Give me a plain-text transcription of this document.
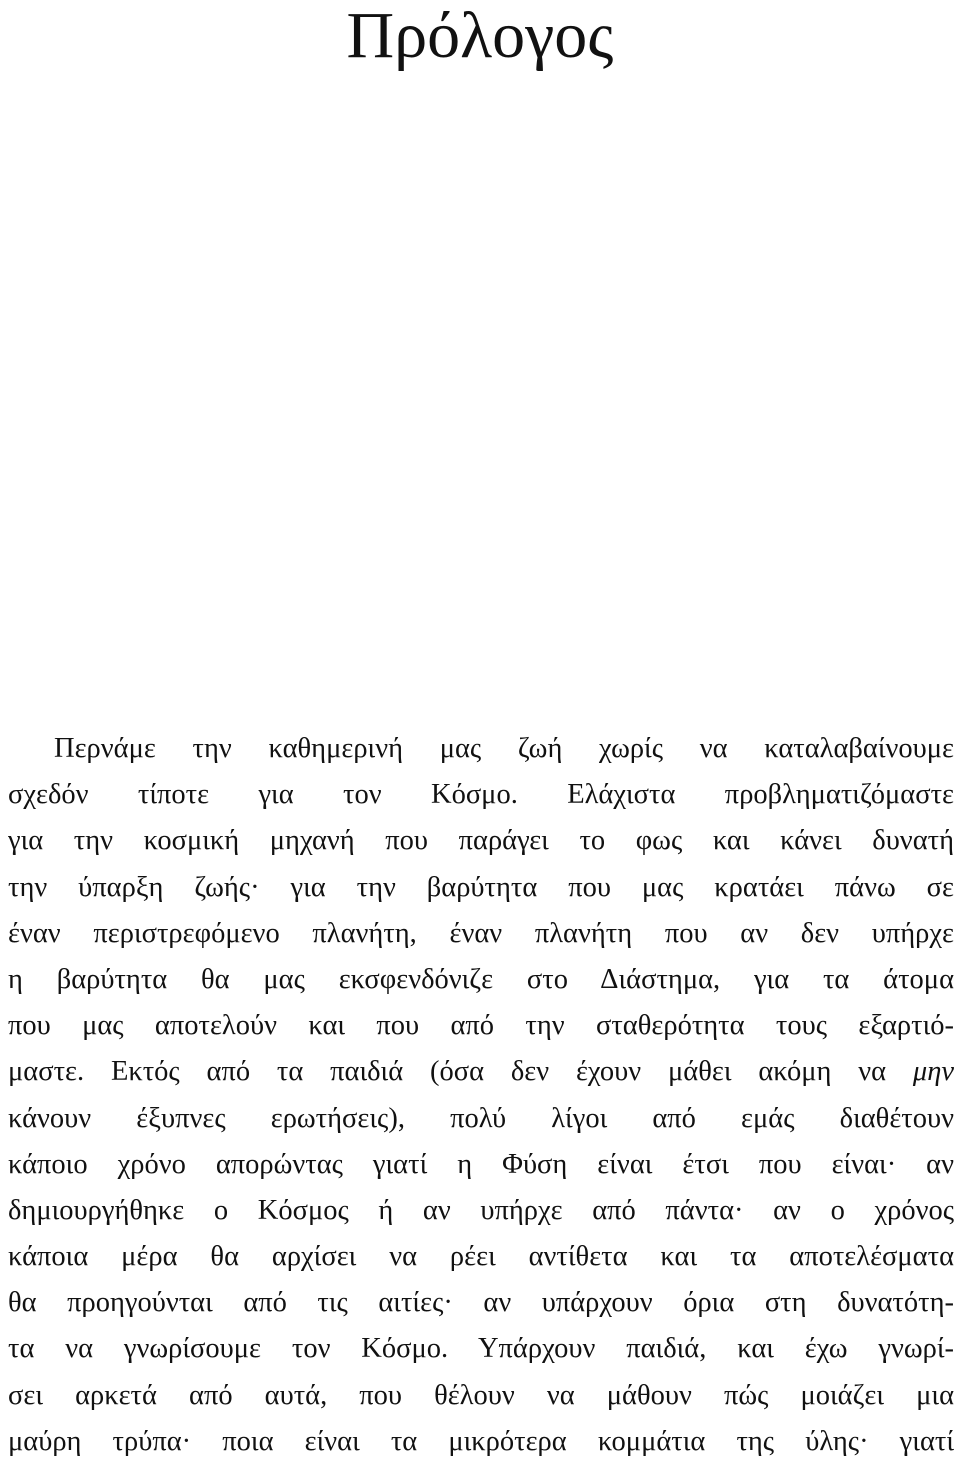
Πρόλογος
Περνάμε την καθημερινή μας ζωή χωρίς να καταλαβαίνουμε
σχεδόν τίποτε για τον Κόσμο. Ελάχιστα προβληματιζόμαστε
για την κοσμική μηχανή που παράγει το φως και κάνει δυνατή
την ύπαρξη ζωής· για την βαρύτητα που μας κρατάει πάνω σε
έναν περιστρεφόμενο πλανήτη, έναν πλανήτη που αν δεν υπήρχε
η βαρύτητα θα μας εκσφενδόνιζε στο Διάστημα, για τα άτομα
που μας αποτελούν και που από την σταθερότητα τους εξαρτιό-
μαστε. Εκτός από τα παιδιά (όσα δεν έχουν μάθει ακόμη να μην
κάνουν έξυπνες ερωτήσεις), πολύ λίγοι από εμάς διαθέτουν
κάποιο χρόνο απορώντας γιατί η Φύση είναι έτσι που είναι· αν
δημιουργήθηκε ο Κόσμος ή αν υπήρχε από πάντα· αν ο χρόνος
κάποια μέρα θα αρχίσει να ρέει αντίθετα και τα αποτελέσματα
θα προηγούνται από τις αιτίες· αν υπάρχουν όρια στη δυνατότη-
τα να γνωρίσουμε τον Κόσμο. Υπάρχουν παιδιά, και έχω γνωρί-
σει αρκετά από αυτά, που θέλουν να μάθουν πώς μοιάζει μια
μαύρη τρύπα· ποια είναι τα μικρότερα κομμάτια της ύλης· γιατί
